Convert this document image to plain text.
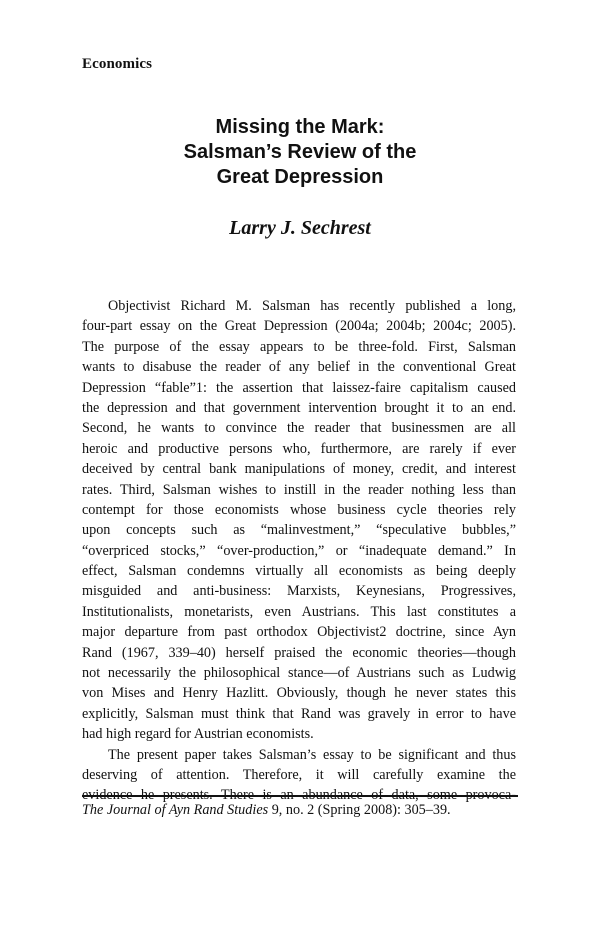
Economics
Missing the Mark:
Salsman’s Review of the
Great Depression
Larry J. Sechrest
Objectivist Richard M. Salsman has recently published a long,
four-part essay on the Great Depression (2004a; 2004b; 2004c; 2005).
The purpose of the essay appears to be three-fold. First, Salsman
wants to disabuse the reader of any belief in the conventional Great
Depression “fable”1: the assertion that laissez-faire capitalism caused
the depression and that government intervention brought it to an end.
Second, he wants to convince the reader that businessmen are all
heroic and productive persons who, furthermore, are rarely if ever
deceived by central bank manipulations of money, credit, and interest
rates. Third, Salsman wishes to instill in the reader nothing less than
contempt for those economists whose business cycle theories rely
upon concepts such as “malinvestment,” “speculative bubbles,”
“overpriced stocks,” “over-production,” or “inadequate demand.” In
effect, Salsman condemns virtually all economists as being deeply
misguided and anti-business: Marxists, Keynesians, Progressives,
Institutionalists, monetarists, even Austrians. This last constitutes a
major departure from past orthodox Objectivist2 doctrine, since Ayn
Rand (1967, 339–40) herself praised the economic theories—though
not necessarily the philosophical stance—of Austrians such as Ludwig
von Mises and Henry Hazlitt. Obviously, though he never states this
explicitly, Salsman must think that Rand was gravely in error to have
had high regard for Austrian economists.
The present paper takes Salsman’s essay to be significant and thus
deserving of attention. Therefore, it will carefully examine the
evidence he presents. There is an abundance of data, some provoca-
The Journal of Ayn Rand Studies 9, no. 2 (Spring 2008): 305–39.
